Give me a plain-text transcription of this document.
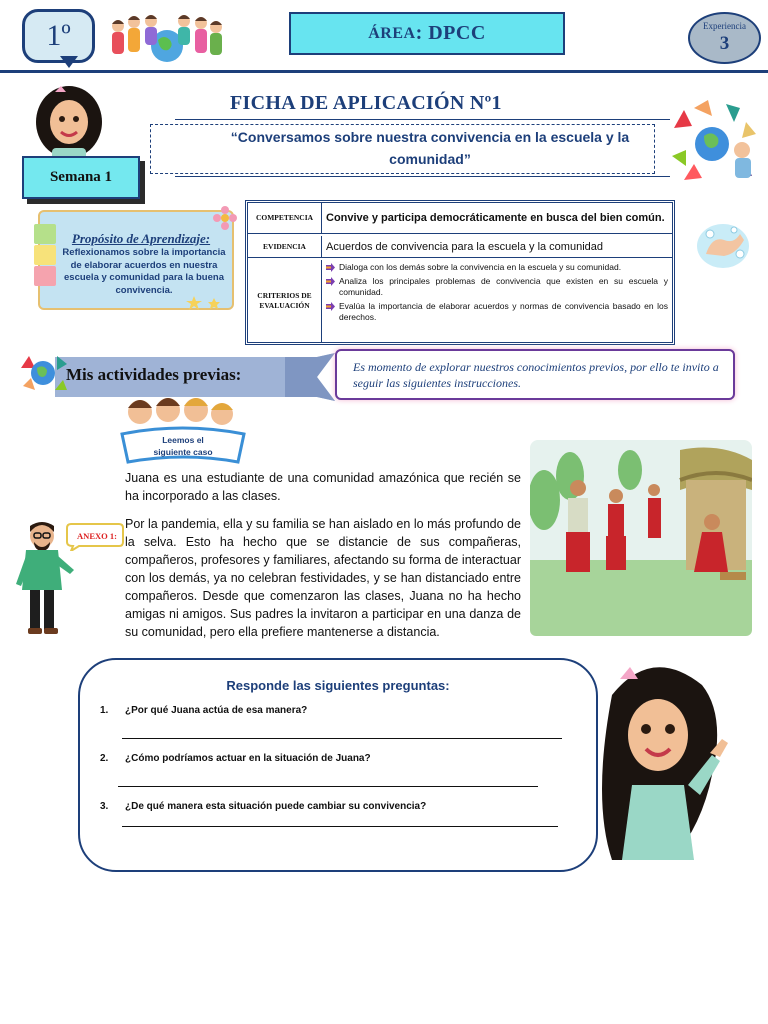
1º	ÁREA : DPCC	Experiencia
3
Semana 1
FICHA DE APLICACIÓN Nº1
“Conversamos sobre nuestra convivencia en la escuela y la comunidad”
Propósito de Aprendizaje:
Reflexionamos sobre la importancia de elaborar acuerdos en nuestra escuela y comunidad para la buena convivencia.
COMPETENCIA	Convive y participa democráticamente en busca del bien común.
EVIDENCIA	Acuerdos de convivencia para la escuela y la comunidad
CRITERIOS DE EVALUACIÓN
Dialoga con los demás sobre la convivencia en la escuela y su comunidad.
Analiza los principales problemas de convivencia que existen en su escuela y comunidad.
Evalúa la importancia de elaborar acuerdos y normas de convivencia basado en los derechos.
Mis actividades previas:	Es momento de explorar nuestros conocimientos previos, por ello te invito a seguir las siguientes instrucciones.
Leemos el
siguiente caso
ANEXO 1:
Juana es una estudiante de una comunidad amazónica que recién se ha incorporado a las clases.
Por la pandemia, ella y su familia se han aislado en lo más profundo de la selva. Esto ha hecho que se distancie de sus compañeras, compañeros, profesores y familiares, afectando su forma de interactuar con los demás, ya no celebran festividades, y se han distanciado entre compañeros. Desde que comenzaron las clases, Juana no ha hecho amigas ni amigos. Sus padres la invitaron a participar en una danza de su comunidad, pero ella prefiere mantenerse a distancia.
Responde las siguientes preguntas:
1. ¿Por qué Juana actúa de esa manera?
2. ¿Cómo podríamos actuar en la situación de Juana?
3. ¿De qué manera esta situación puede cambiar su convivencia?
